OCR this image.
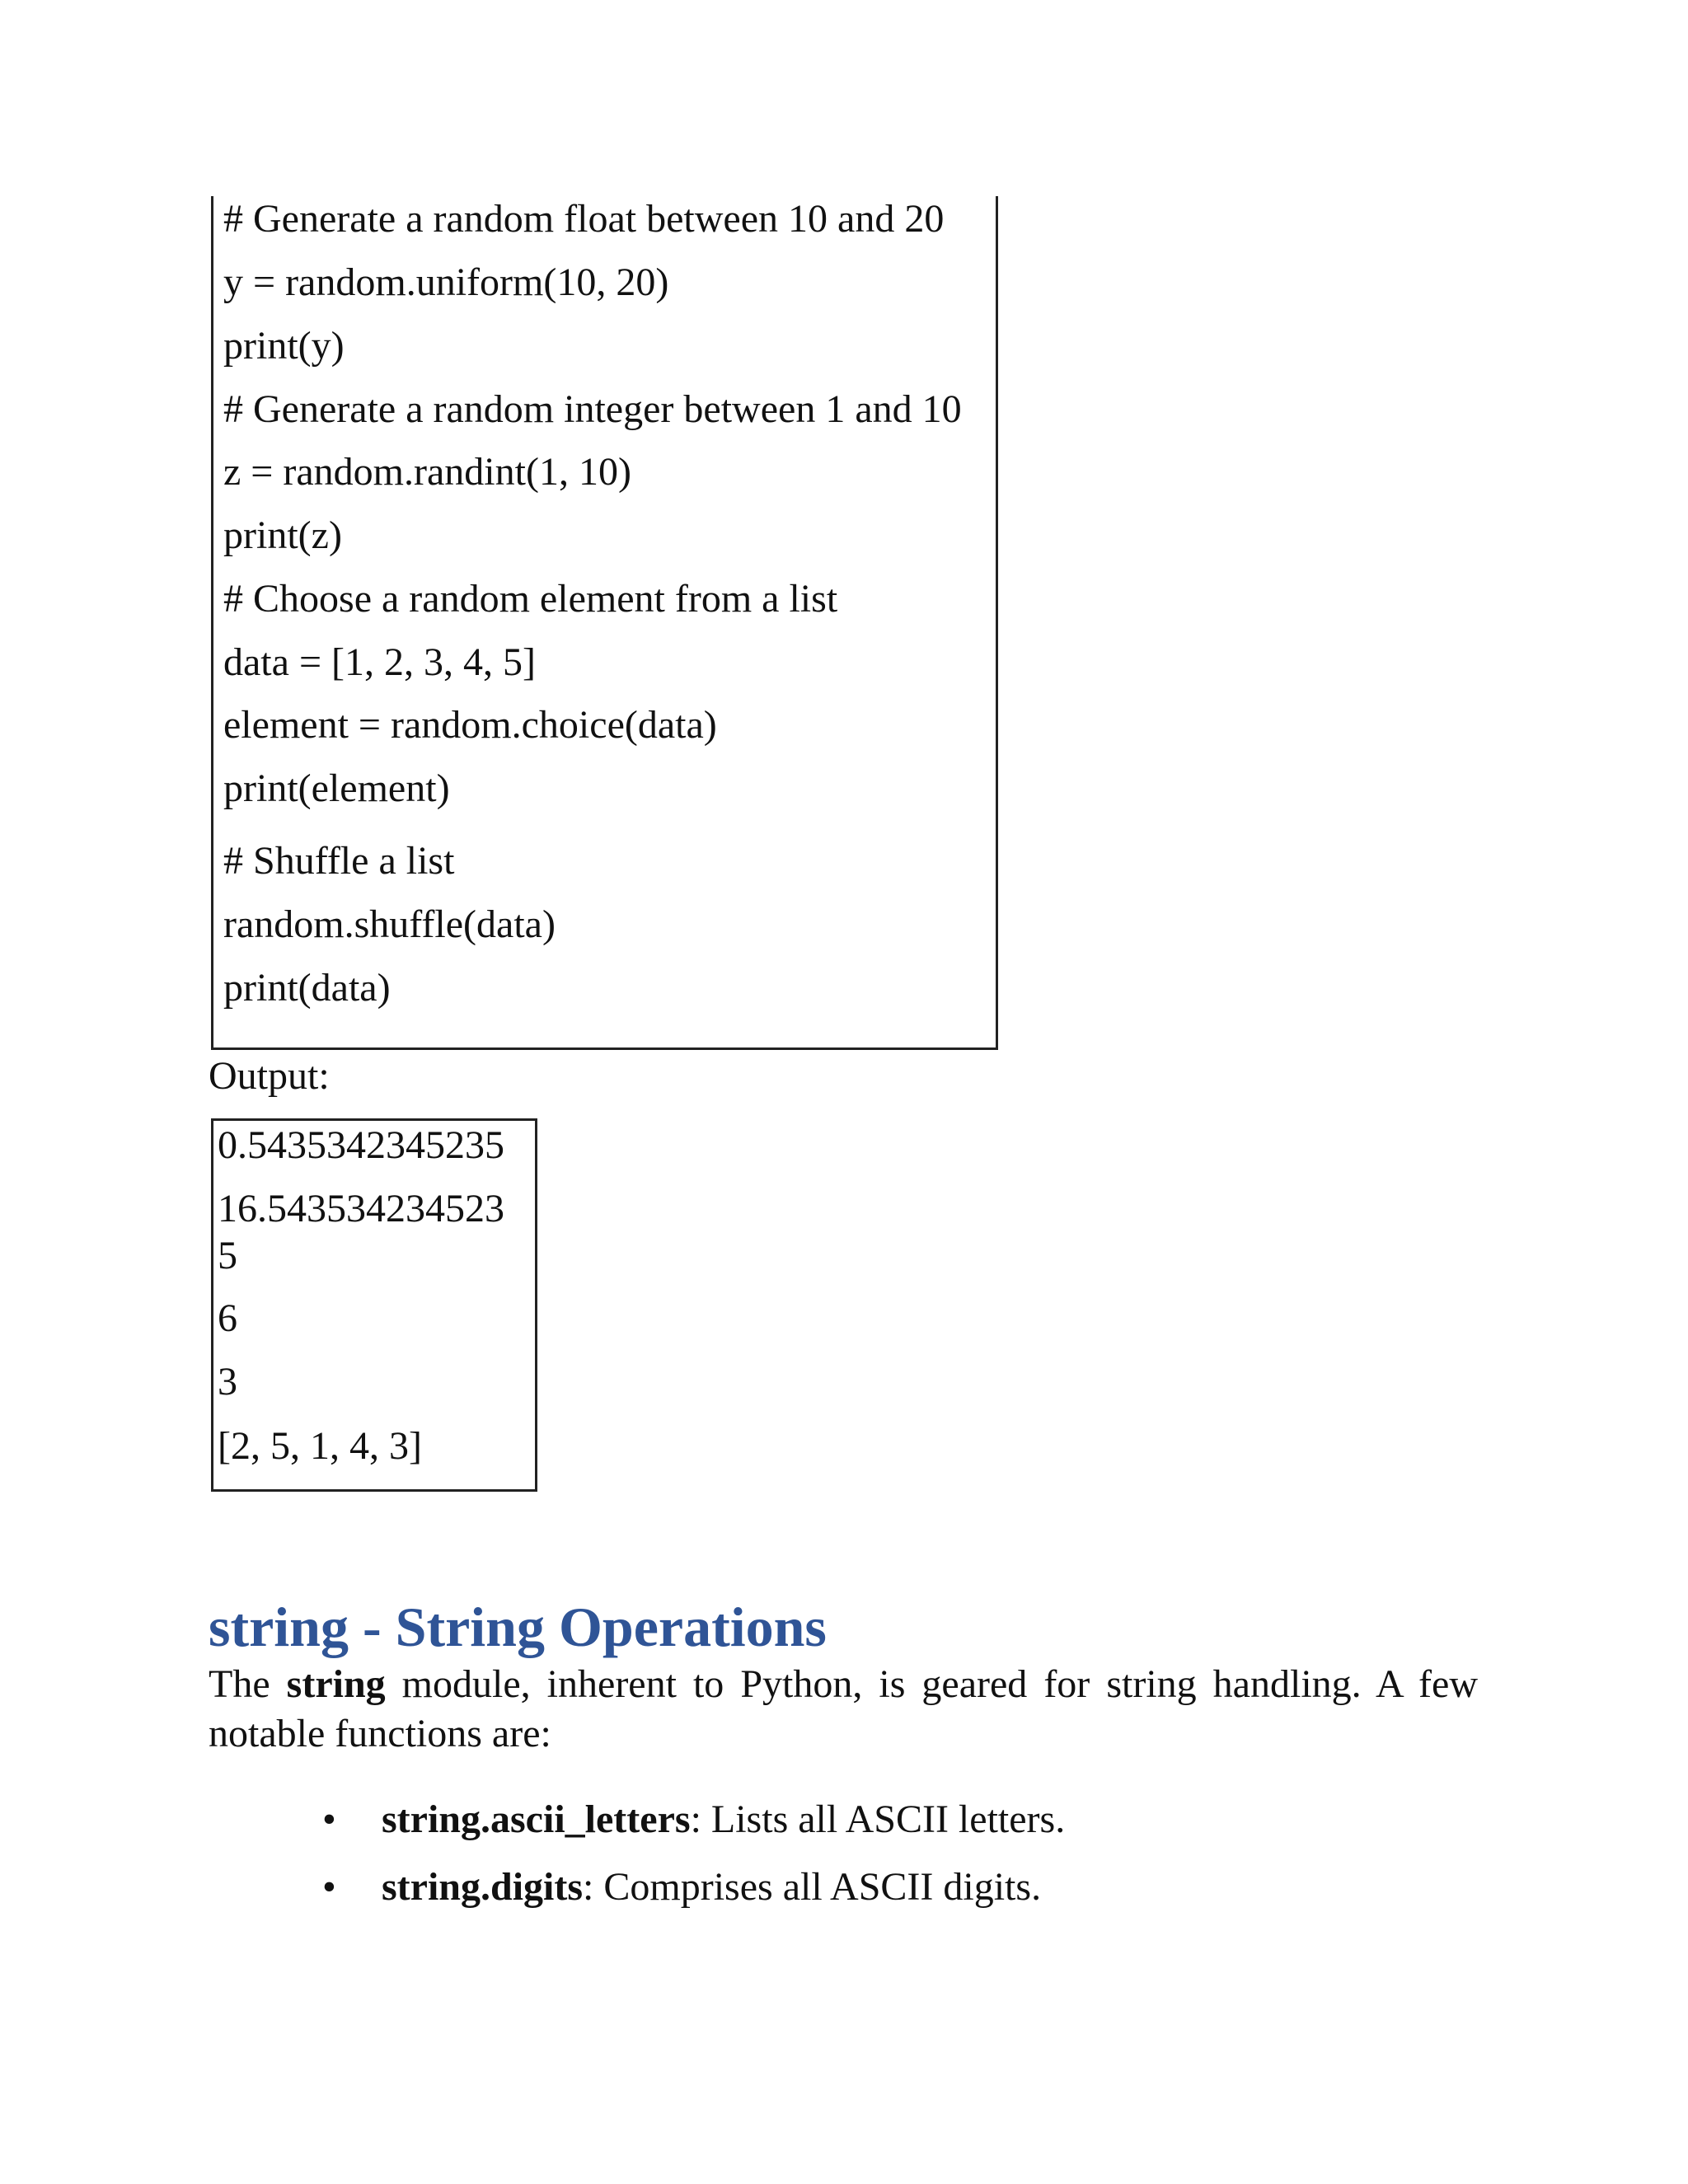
# Generate a random float between 10 and 20
y = random.uniform(10, 20)
print(y)
# Generate a random integer between 1 and 10
z = random.randint(1, 10)
print(z)
# Choose a random element from a list
data = [1, 2, 3, 4, 5]
element = random.choice(data)
print(element)
# Shuffle a list
random.shuffle(data)
print(data)
Output:
0.5435342345235
16.543534234523
5
6
3
[2, 5, 1, 4, 3]
string - String Operations
The string module, inherent to Python, is geared for string handling. A few notable functions are:
• string.ascii_letters: Lists all ASCII letters.
• string.digits: Comprises all ASCII digits.
